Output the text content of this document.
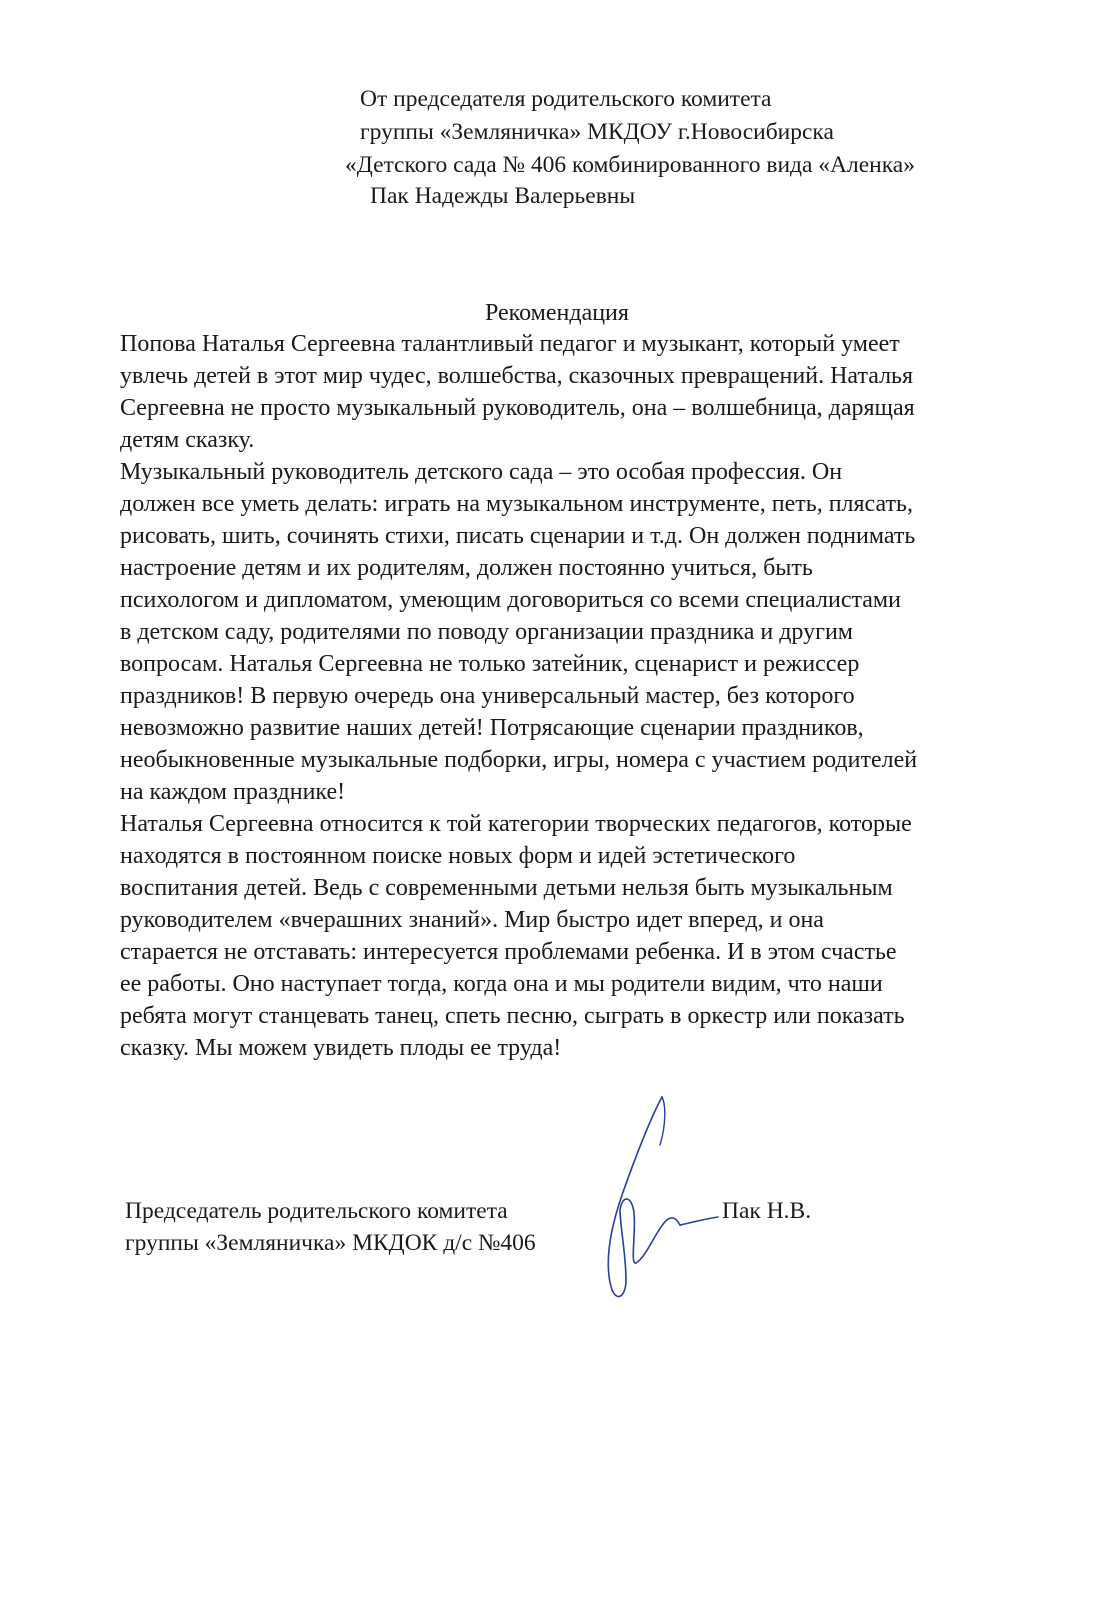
От председателя родительского комитета
группы «Земляничка» МКДОУ г.Новосибирска
«Детского сада № 406 комбинированного вида «Аленка»
Пак Надежды Валерьевны
Рекомендация
Попова Наталья Сергеевна талантливый педагог и музыкант, который умеет
увлечь детей в этот мир чудес, волшебства, сказочных превращений. Наталья
Сергеевна не просто музыкальный руководитель, она – волшебница, дарящая
детям сказку.
Музыкальный руководитель детского сада – это особая профессия. Он
должен все уметь делать: играть на музыкальном инструменте, петь, плясать,
рисовать, шить, сочинять стихи, писать сценарии и т.д. Он должен поднимать
настроение детям и их родителям, должен постоянно учиться, быть
психологом и дипломатом, умеющим договориться со всеми специалистами
в детском саду, родителями по поводу организации праздника и другим
вопросам. Наталья Сергеевна не только затейник, сценарист и режиссер
праздников! В первую очередь она универсальный мастер, без которого
невозможно развитие наших детей! Потрясающие сценарии праздников,
необыкновенные музыкальные подборки, игры, номера с участием родителей
на каждом празднике!
Наталья Сергеевна относится к той категории творческих педагогов, которые
находятся в постоянном поиске новых форм и идей эстетического
воспитания детей. Ведь с современными детьми нельзя быть музыкальным
руководителем «вчерашних знаний». Мир быстро идет вперед, и она
старается не отставать: интересуется проблемами ребенка. И в этом счастье
ее работы. Оно наступает тогда, когда она и мы родители видим, что наши
ребята могут станцевать танец, спеть песню, сыграть в оркестр или показать
сказку. Мы можем увидеть плоды ее труда!
Председатель родительского комитета
группы «Земляничка» МКДОК д/с №406
Пак Н.В.
